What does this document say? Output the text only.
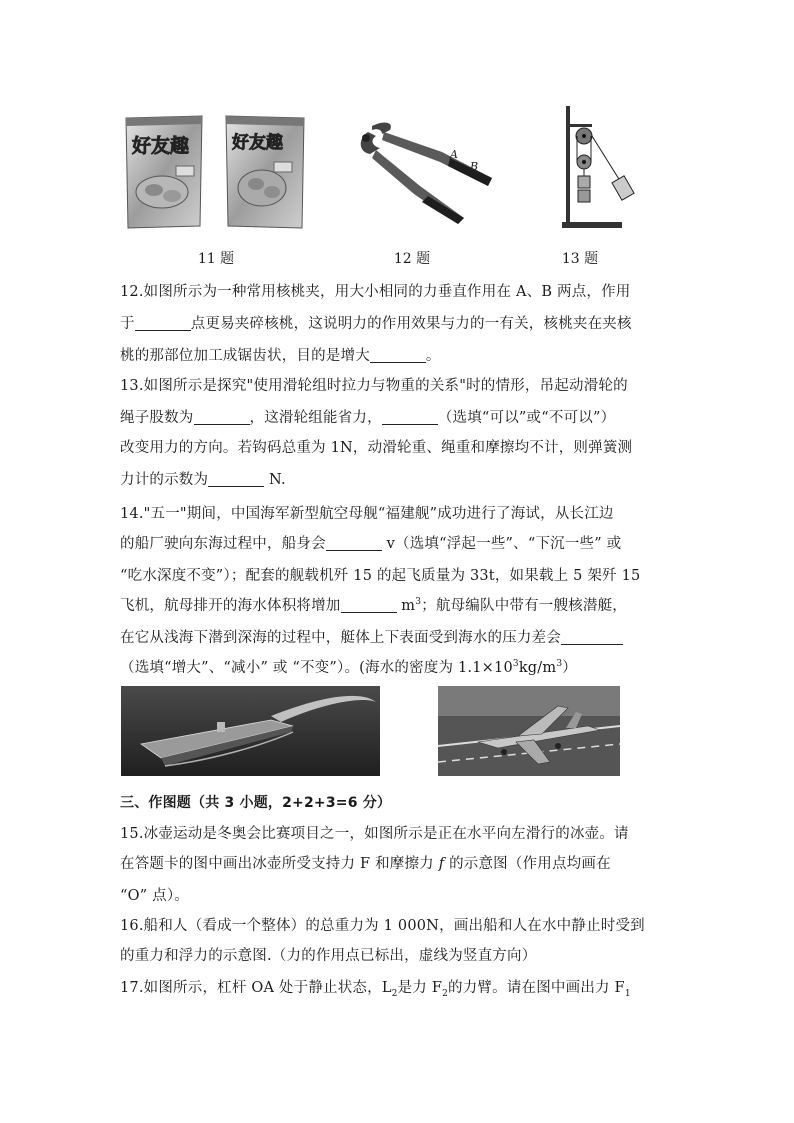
好友趣	好友趣
11 题
A
B
12 题	13 题
12.如图所示为一种常用核桃夹，用大小相同的力垂直作用在 A、B 两点，作用
于	点更易夹碎核桃，这说明力的作用效果与力的一有关，核桃夹在夹核
桃的那部位加工成锯齿状，目的是增大	。
13.如图所示是探究"使用滑轮组时拉力与物重的关系"时的情形，吊起动滑轮的
绳子股数为	，这滑轮组能省力，	（选填“可以”或“不可以”）
改变用力的方向。若钩码总重为 1N，动滑轮重、绳重和摩擦均不计，则弹簧测
力计的示数为	N.
14."五一"期间，中国海军新型航空母舰“福建舰”成功进行了海试，从长江边
的船厂驶向东海过程中，船身会	v（选填“浮起一些”、“下沉一些” 或
“吃水深度不变”）；配套的舰载机歼 15 的起飞质量为 33t，如果载上 5 架歼 15
飞机，航母排开的海水体积将增加	$m^3$；航母编队中带有一艘核潜艇，
在它从浅海下潜到深海的过程中，艇体上下表面受到海水的压力差会
（选填“增大”、“减小” 或 “不变”）。(海水的密度为 $1.1\times 10^3kg/m^3$）
三、作图题（共 3 小题，2+2+3=6 分）
15.冰壶运动是冬奥会比赛项目之一，如图所示是正在水平向左滑行的冰壶。请
在答题卡的图中画出冰壶所受支持力 F 和摩擦力 f 的示意图（作用点均画在
“O” 点）。
16.船和人（看成一个整体）的总重力为 1 000N，画出船和人在水中静止时受到
的重力和浮力的示意图.（力的作用点已标出，虚线为竖直方向）
17.如图所示，杠杆 OA 处于静止状态，$L_2$是力 $F_2$的力臂。请在图中画出力 $F_1$
